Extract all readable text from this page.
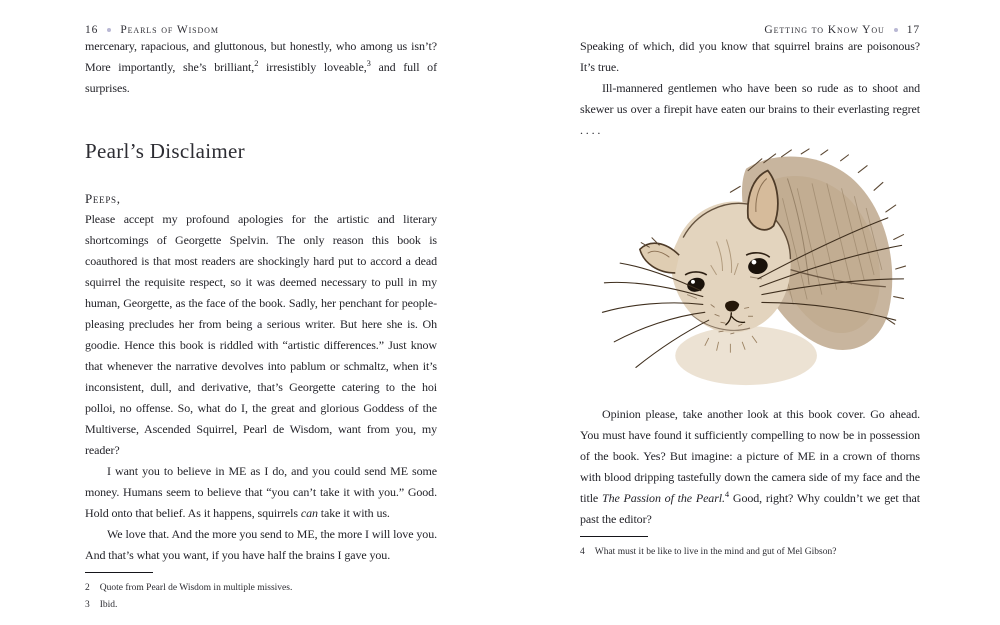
16 Pearls of Wisdom

mercenary, rapacious, and gluttonous, but honestly, who among us isn’t? More importantly, she’s brilliant,$^2$ irresistibly loveable,$^3$ and full of surprises.

Pearl’s Disclaimer
Peeps,

Please accept my profound apologies for the artistic and literary shortcomings of Georgette Spelvin. The only reason this book is coauthored is that most readers are shockingly hard put to accord a dead squirrel the requisite respect, so it was deemed necessary to pull in my human, Georgette, as the face of the book. Sadly, her penchant for people-pleasing precludes her from being a serious writer. But here she is. Oh goodie. Hence this book is riddled with “artistic differences.” Just know that whenever the narrative devolves into pablum or schmaltz, when it’s inconsistent, dull, and derivative, that’s Georgette catering to the hoi polloi, no offense. So, what do I, the great and glorious Goddess of the Multiverse, Ascended Squirrel, Pearl de Wisdom, want from you, my reader?

I want you to believe in ME as I do, and you could send ME some money. Humans seem to believe that “you can’t take it with you.” Good. Hold onto that belief. As it happens, squirrels can take it with us.

We love that. And the more you send to ME, the more I will love you. And that’s what you want, if you have half the brains I gave you.

2 Quote from Pearl de Wisdom in multiple missives.
3 Ibid.
Getting to Know You 17

Speaking of which, did you know that squirrel brains are poisonous? It’s true.

Ill-mannered gentlemen who have been so rude as to shoot and skewer us over a firepit have eaten our brains to their everlasting regret . . . .

Opinion please, take another look at this book cover. Go ahead. You must have found it sufficiently compelling to now be in possession of the book. Yes? But imagine: a picture of ME in a crown of thorns with blood dripping tastefully down the camera side of my face and the title The Passion of the Pearl.$^4$ Good, right? Why couldn’t we get that past the editor?

4 What must it be like to live in the mind and gut of Mel Gibson?
